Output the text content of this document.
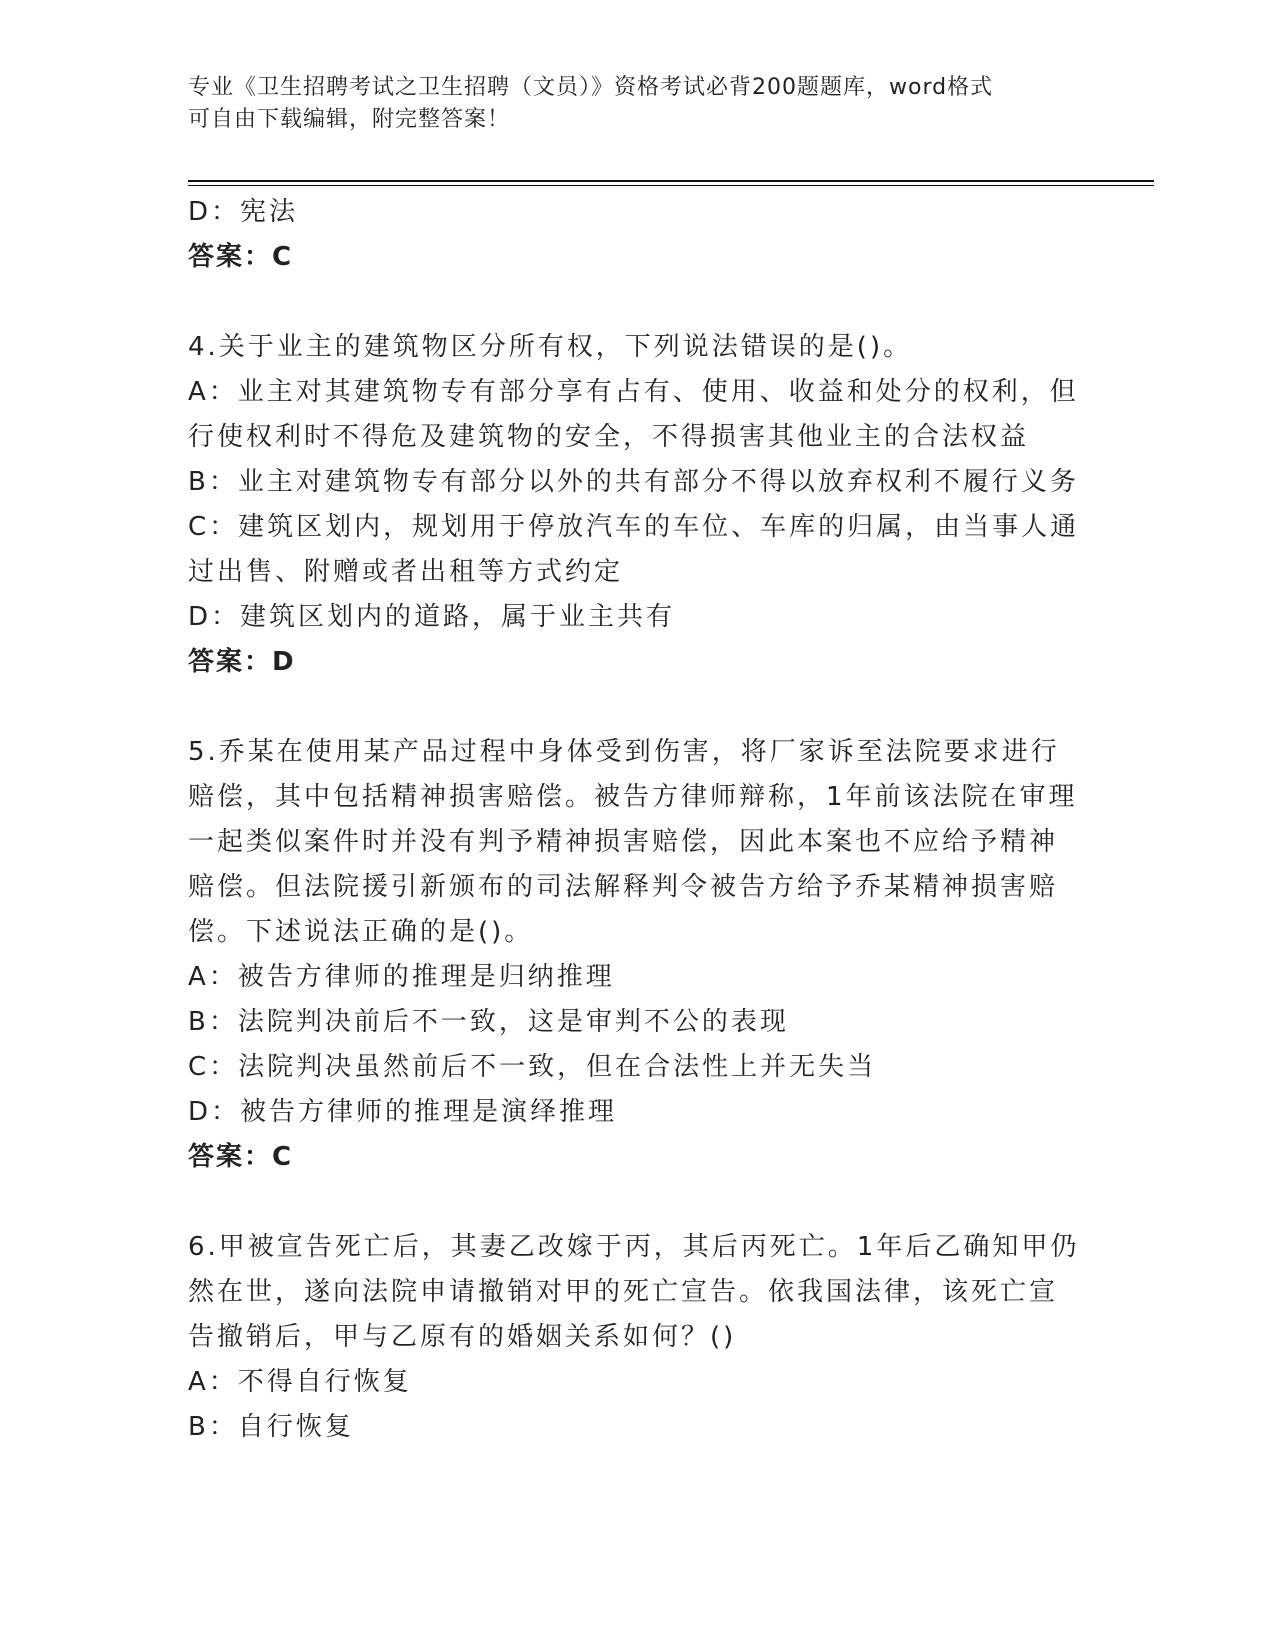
专业《卫生招聘考试之卫生招聘（文员）》资格考试必背200题题库，word格式
可自由下载编辑，附完整答案！
D：宪法
答案：C
4.关于业主的建筑物区分所有权，下列说法错误的是()。
A：业主对其建筑物专有部分享有占有、使用、收益和处分的权利，但
行使权利时不得危及建筑物的安全，不得损害其他业主的合法权益
B：业主对建筑物专有部分以外的共有部分不得以放弃权利不履行义务
C：建筑区划内，规划用于停放汽车的车位、车库的归属，由当事人通
过出售、附赠或者出租等方式约定
D：建筑区划内的道路，属于业主共有
答案：D
5.乔某在使用某产品过程中身体受到伤害，将厂家诉至法院要求进行
赔偿，其中包括精神损害赔偿。被告方律师辩称，1年前该法院在审理
一起类似案件时并没有判予精神损害赔偿，因此本案也不应给予精神
赔偿。但法院援引新颁布的司法解释判令被告方给予乔某精神损害赔
偿。下述说法正确的是()。
A：被告方律师的推理是归纳推理
B：法院判决前后不一致，这是审判不公的表现
C：法院判决虽然前后不一致，但在合法性上并无失当
D：被告方律师的推理是演绎推理
答案：C
6.甲被宣告死亡后，其妻乙改嫁于丙，其后丙死亡。1年后乙确知甲仍
然在世，遂向法院申请撤销对甲的死亡宣告。依我国法律，该死亡宣
告撤销后，甲与乙原有的婚姻关系如何？()
A：不得自行恢复
B：自行恢复
